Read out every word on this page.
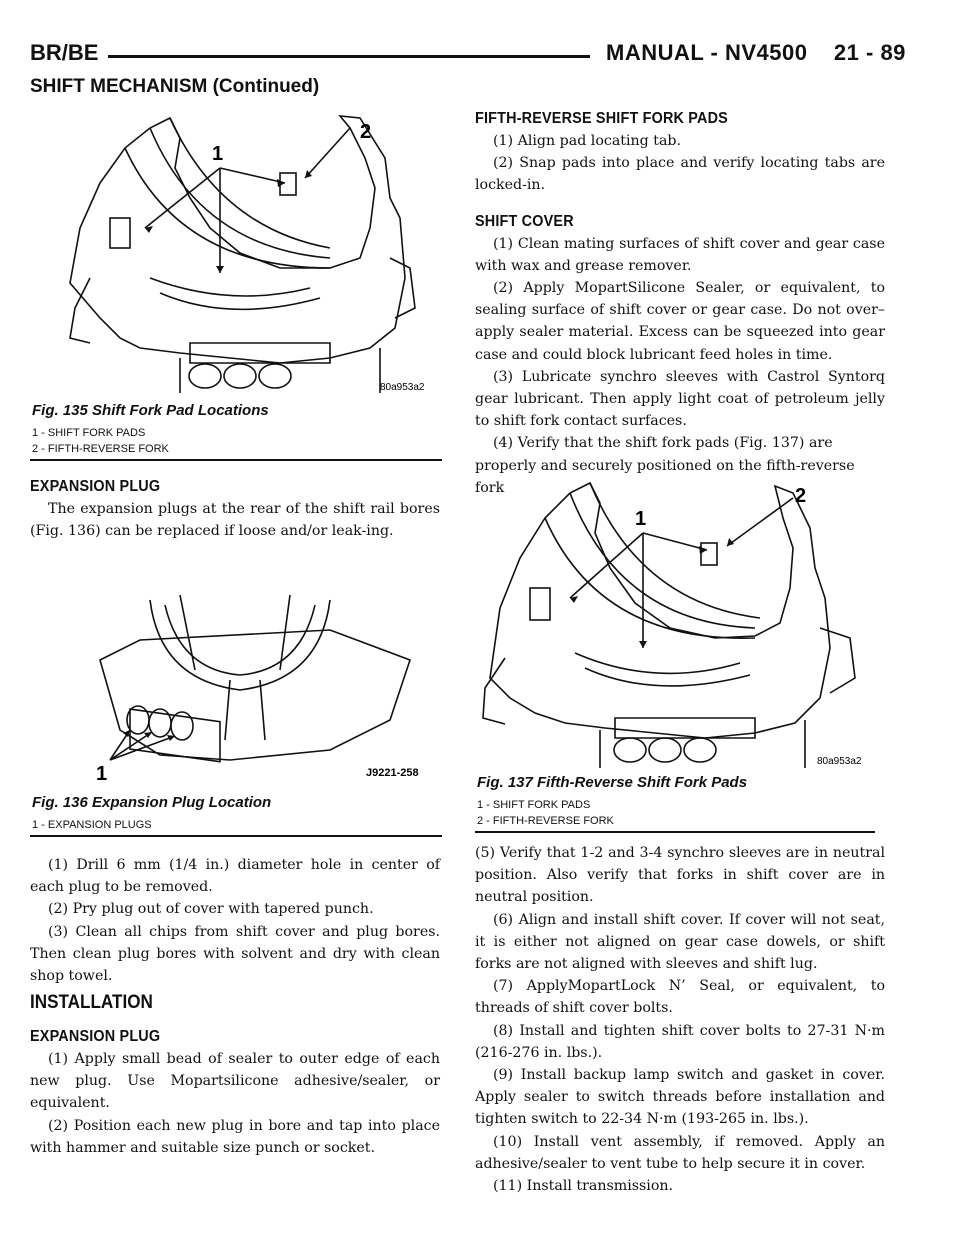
BR/BE	MANUAL - NV4500    21 - 89
SHIFT MECHANISM (Continued)
1
2
80a953a2
Fig. 135 Shift Fork Pad Locations
1 - SHIFT FORK PADS
2 - FIFTH-REVERSE FORK
EXPANSION PLUG

The expansion plugs at the rear of the shift rail bores (Fig. 136) can be replaced if loose and/or leak-ing.

1	J9221-258
Fig. 136 Expansion Plug Location
1 - EXPANSION PLUGS

(1) Drill 6 mm (1/4 in.) diameter hole in center of each plug to be removed.

(2) Pry plug out of cover with tapered punch.

(3) Clean all chips from shift cover and plug bores. Then clean plug bores with solvent and dry with clean shop towel.

INSTALLATION
EXPANSION PLUG

(1) Apply small bead of sealer to outer edge of each new plug. Use Mopartsilicone adhesive/sealer, or equivalent.

(2) Position each new plug in bore and tap into place with hammer and suitable size punch or socket.

FIFTH-REVERSE SHIFT FORK PADS

(1) Align pad locating tab.

(2) Snap pads into place and verify locating tabs are locked-in.

SHIFT COVER

(1) Clean mating surfaces of shift cover and gear case with wax and grease remover.

(2) Apply MopartSilicone Sealer, or equivalent, to sealing surface of shift cover or gear case. Do not over–apply sealer material. Excess can be squeezed into gear case and could block lubricant feed holes in time.

(3) Lubricate synchro sleeves with Castrol Syntorq gear lubricant. Then apply light coat of petroleum jelly to shift fork contact surfaces.

(4) Verify that the shift fork pads (Fig. 137) are properly and securely positioned on the fifth-reverse fork

1
2
80a953a2
Fig. 137 Fifth-Reverse Shift Fork Pads
1 - SHIFT FORK PADS
2 - FIFTH-REVERSE FORK

(5) Verify that 1-2 and 3-4 synchro sleeves are in neutral position. Also verify that forks in shift cover are in neutral position.

(6) Align and install shift cover. If cover will not seat, it is either not aligned on gear case dowels, or shift forks are not aligned with sleeves and shift lug.

(7) ApplyMopartLock N’ Seal, or equivalent, to threads of shift cover bolts.

(8) Install and tighten shift cover bolts to 27-31 N·m (216-276 in. lbs.).

(9) Install backup lamp switch and gasket in cover. Apply sealer to switch threads before installation and tighten switch to 22-34 N·m (193-265 in. lbs.).

(10) Install vent assembly, if removed. Apply an adhesive/sealer to vent tube to help secure it in cover.

(11) Install transmission.
